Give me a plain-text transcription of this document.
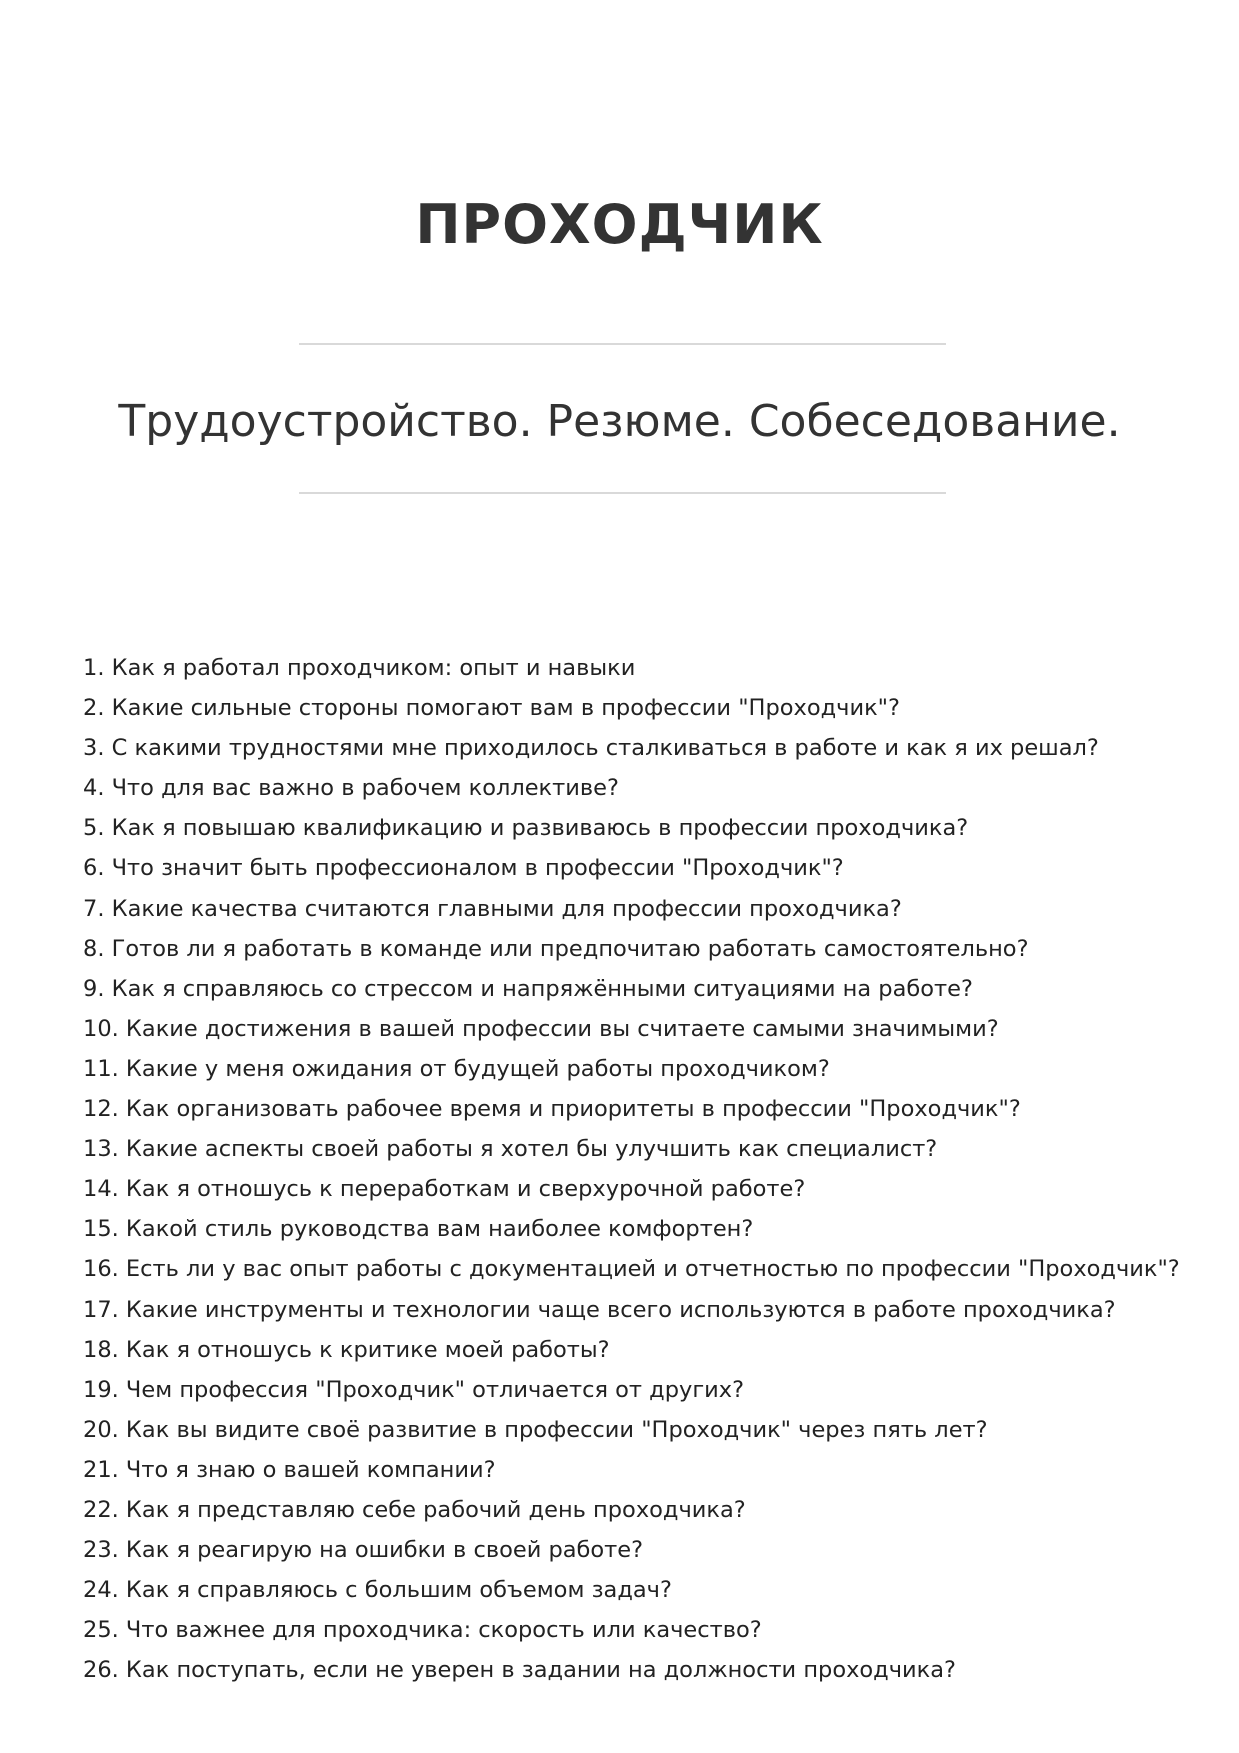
ПРОХОДЧИК
Трудоустройство. Резюме. Собеседование.
1. Как я работал проходчиком: опыт и навыки
2. Какие сильные стороны помогают вам в профессии "Проходчик"?
3. С какими трудностями мне приходилось сталкиваться в работе и как я их решал?
4. Что для вас важно в рабочем коллективе?
5. Как я повышаю квалификацию и развиваюсь в профессии проходчика?
6. Что значит быть профессионалом в профессии "Проходчик"?
7. Какие качества считаются главными для профессии проходчика?
8. Готов ли я работать в команде или предпочитаю работать самостоятельно?
9. Как я справляюсь со стрессом и напряжёнными ситуациями на работе?
10. Какие достижения в вашей профессии вы считаете самыми значимыми?
11. Какие у меня ожидания от будущей работы проходчиком?
12. Как организовать рабочее время и приоритеты в профессии "Проходчик"?
13. Какие аспекты своей работы я хотел бы улучшить как специалист?
14. Как я отношусь к переработкам и сверхурочной работе?
15. Какой стиль руководства вам наиболее комфортен?
16. Есть ли у вас опыт работы с документацией и отчетностью по профессии "Проходчик"?
17. Какие инструменты и технологии чаще всего используются в работе проходчика?
18. Как я отношусь к критике моей работы?
19. Чем профессия "Проходчик" отличается от других?
20. Как вы видите своё развитие в профессии "Проходчик" через пять лет?
21. Что я знаю о вашей компании?
22. Как я представляю себе рабочий день проходчика?
23. Как я реагирую на ошибки в своей работе?
24. Как я справляюсь с большим объемом задач?
25. Что важнее для проходчика: скорость или качество?
26. Как поступать, если не уверен в задании на должности проходчика?
